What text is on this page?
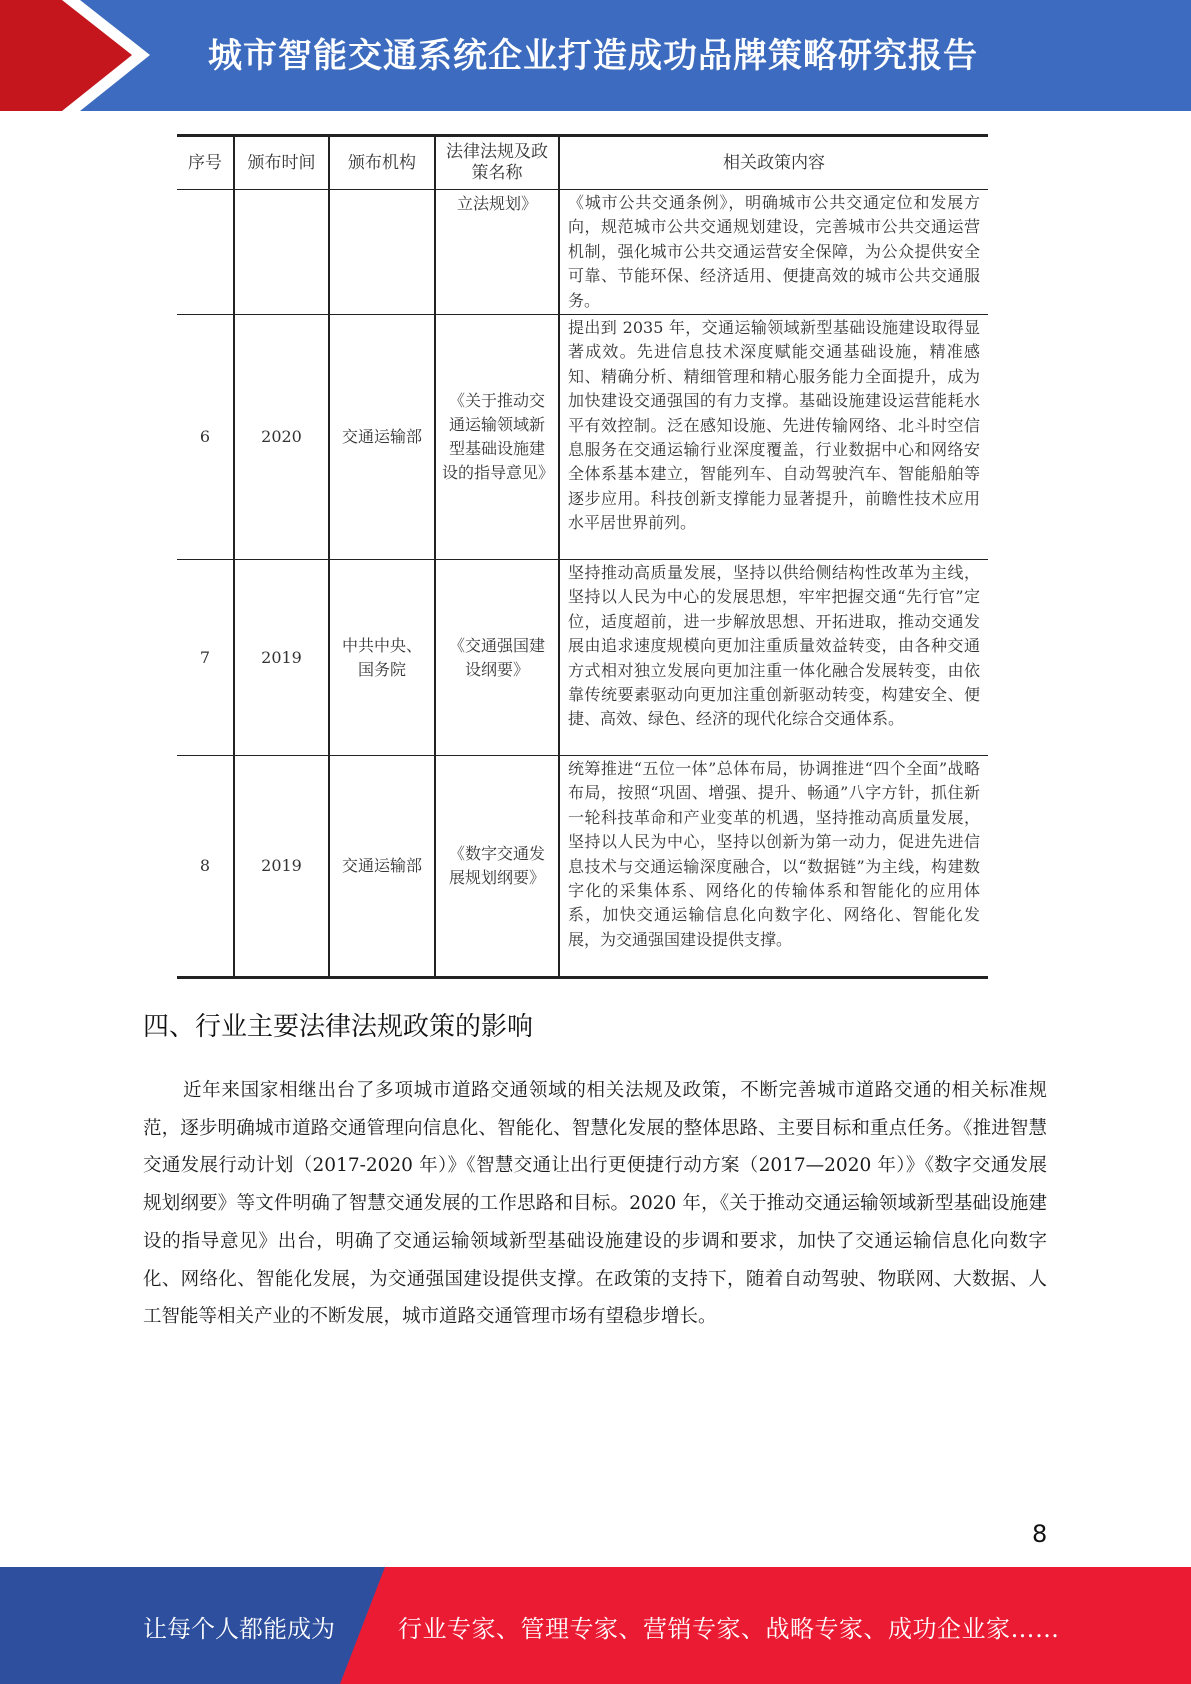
城市智能交通系统企业打造成功品牌策略研究报告
序号	颁布时间	颁布机构	法律法规及政策名称	相关政策内容
			立法规划》	《城市公共交通条例》，明确城市公共交通定位和发展方向，规范城市公共交通规划建设，完善城市公共交通运营机制，强化城市公共交通运营安全保障，为公众提供安全可靠、节能环保、经济适用、便捷高效的城市公共交通服务。
6	2020	交通运输部	《关于推动交通运输领域新型基础设施建设的指导意见》	提出到 2035 年，交通运输领域新型基础设施建设取得显著成效。先进信息技术深度赋能交通基础设施，精准感知、精确分析、精细管理和精心服务能力全面提升，成为加快建设交通强国的有力支撑。基础设施建设运营能耗水平有效控制。泛在感知设施、先进传输网络、北斗时空信息服务在交通运输行业深度覆盖，行业数据中心和网络安全体系基本建立，智能列车、自动驾驶汽车、智能船舶等逐步应用。科技创新支撑能力显著提升，前瞻性技术应用水平居世界前列。
7	2019	中共中央、国务院	《交通强国建设纲要》	坚持推动高质量发展，坚持以供给侧结构性改革为主线，坚持以人民为中心的发展思想，牢牢把握交通“先行官”定位，适度超前，进一步解放思想、开拓进取，推动交通发展由追求速度规模向更加注重质量效益转变，由各种交通方式相对独立发展向更加注重一体化融合发展转变，由依靠传统要素驱动向更加注重创新驱动转变，构建安全、便捷、高效、绿色、经济的现代化综合交通体系。
8	2019	交通运输部	《数字交通发展规划纲要》	统筹推进“五位一体”总体布局，协调推进“四个全面”战略布局，按照“巩固、增强、提升、畅通”八字方针，抓住新一轮科技革命和产业变革的机遇，坚持推动高质量发展，坚持以人民为中心，坚持以创新为第一动力，促进先进信息技术与交通运输深度融合，以“数据链”为主线，构建数字化的采集体系、网络化的传输体系和智能化的应用体系，加快交通运输信息化向数字化、网络化、智能化发展，为交通强国建设提供支撑。
四、行业主要法律法规政策的影响

近年来国家相继出台了多项城市道路交通领域的相关法规及政策，不断完善城市道路交通的相关标准规范，逐步明确城市道路交通管理向信息化、智能化、智慧化发展的整体思路、主要目标和重点任务。《推进智慧交通发展行动计划（2017-2020 年）》《智慧交通让出行更便捷行动方案（2017—2020 年）》《数字交通发展规划纲要》等文件明确了智慧交通发展的工作思路和目标。2020 年，《关于推动交通运输领域新型基础设施建设的指导意见》出台，明确了交通运输领域新型基础设施建设的步调和要求，加快了交通运输信息化向数字化、网络化、智能化发展，为交通强国建设提供支撑。在政策的支持下，随着自动驾驶、物联网、大数据、人工智能等相关产业的不断发展，城市道路交通管理市场有望稳步增长。

8
让每个人都能成为	行业专家、管理专家、营销专家、战略专家、成功企业家……
